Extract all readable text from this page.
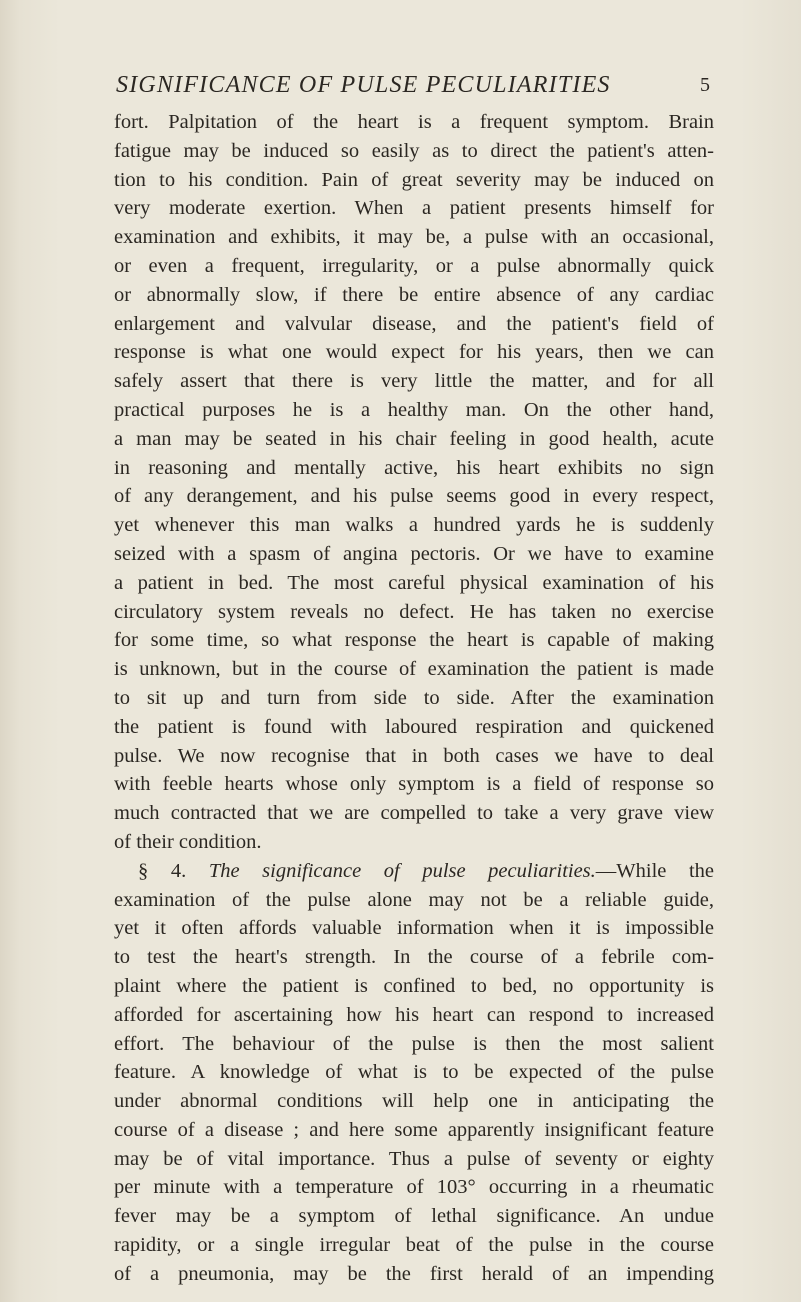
SIGNIFICANCE OF PULSE PECULIARITIES	5
fort. Palpitation of the heart is a frequent symptom. Brain
fatigue may be induced so easily as to direct the patient's atten-
tion to his condition. Pain of great severity may be induced on
very moderate exertion. When a patient presents himself for
examination and exhibits, it may be, a pulse with an occasional,
or even a frequent, irregularity, or a pulse abnormally quick
or abnormally slow, if there be entire absence of any cardiac
enlargement and valvular disease, and the patient's field of
response is what one would expect for his years, then we can
safely assert that there is very little the matter, and for all
practical purposes he is a healthy man. On the other hand,
a man may be seated in his chair feeling in good health, acute
in reasoning and mentally active, his heart exhibits no sign
of any derangement, and his pulse seems good in every respect,
yet whenever this man walks a hundred yards he is suddenly
seized with a spasm of angina pectoris. Or we have to examine
a patient in bed. The most careful physical examination of his
circulatory system reveals no defect. He has taken no exercise
for some time, so what response the heart is capable of making
is unknown, but in the course of examination the patient is made
to sit up and turn from side to side. After the examination
the patient is found with laboured respiration and quickened
pulse. We now recognise that in both cases we have to deal
with feeble hearts whose only symptom is a field of response so
much contracted that we are compelled to take a very grave view
of their condition.
§ 4. The significance of pulse peculiarities.—While the
examination of the pulse alone may not be a reliable guide,
yet it often affords valuable information when it is impossible
to test the heart's strength. In the course of a febrile com-
plaint where the patient is confined to bed, no opportunity is
afforded for ascertaining how his heart can respond to increased
effort. The behaviour of the pulse is then the most salient
feature. A knowledge of what is to be expected of the pulse
under abnormal conditions will help one in anticipating the
course of a disease ; and here some apparently insignificant feature
may be of vital importance. Thus a pulse of seventy or eighty
per minute with a temperature of 103° occurring in a rheumatic
fever may be a symptom of lethal significance. An undue
rapidity, or a single irregular beat of the pulse in the course
of a pneumonia, may be the first herald of an impending
